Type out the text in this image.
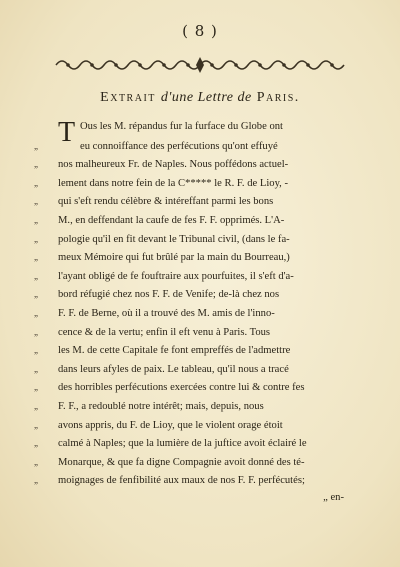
( 8 )
Extrait d'une Lettre de Paris.
T Ous les M. répandus fur la furface du Globe ont
„	eu connoiffance des perfécutions qu'ont effuyé
„ nos malheureux Fr. de Naples. Nous poffédons actuel-
„ lement dans notre fein de la C***** le R. F. de Lioy, -
„ qui s'eft rendu célèbre & intéreffant parmi les bons
„ M., en deffendant la caufe de fes F. F. opprimés. L'A-
„ pologie qu'il en fit devant le Tribunal civil, (dans le fa-
„ meux Mémoire qui fut brûlé par la main du Bourreau,)
„ l'ayant obligé de fe fouftraire aux pourfuites, il s'eft d'a-
„ bord réfugié chez nos F. F. de Venife; de-là chez nos
„ F. F. de Berne, où il a trouvé des M. amis de l'inno-
„ cence & de la vertu; enfin il eft venu à Paris. Tous
„ les M. de cette Capitale fe font empreffés de l'admettre
„ dans leurs afyles de paix. Le tableau, qu'il nous a tracé
„ des horribles perfécutions exercées contre lui & contre fes
„ F. F., a redoublé notre intérêt; mais, depuis, nous
„ avons appris, du F. de Lioy, que le violent orage étoit
„ calmé à Naples; que la lumière de la juftice avoit éclairé le
„ Monarque, & que fa digne Compagnie avoit donné des té-
„ moignages de fenfibilité aux maux de nos F. F. perfécutés;
„ en-
